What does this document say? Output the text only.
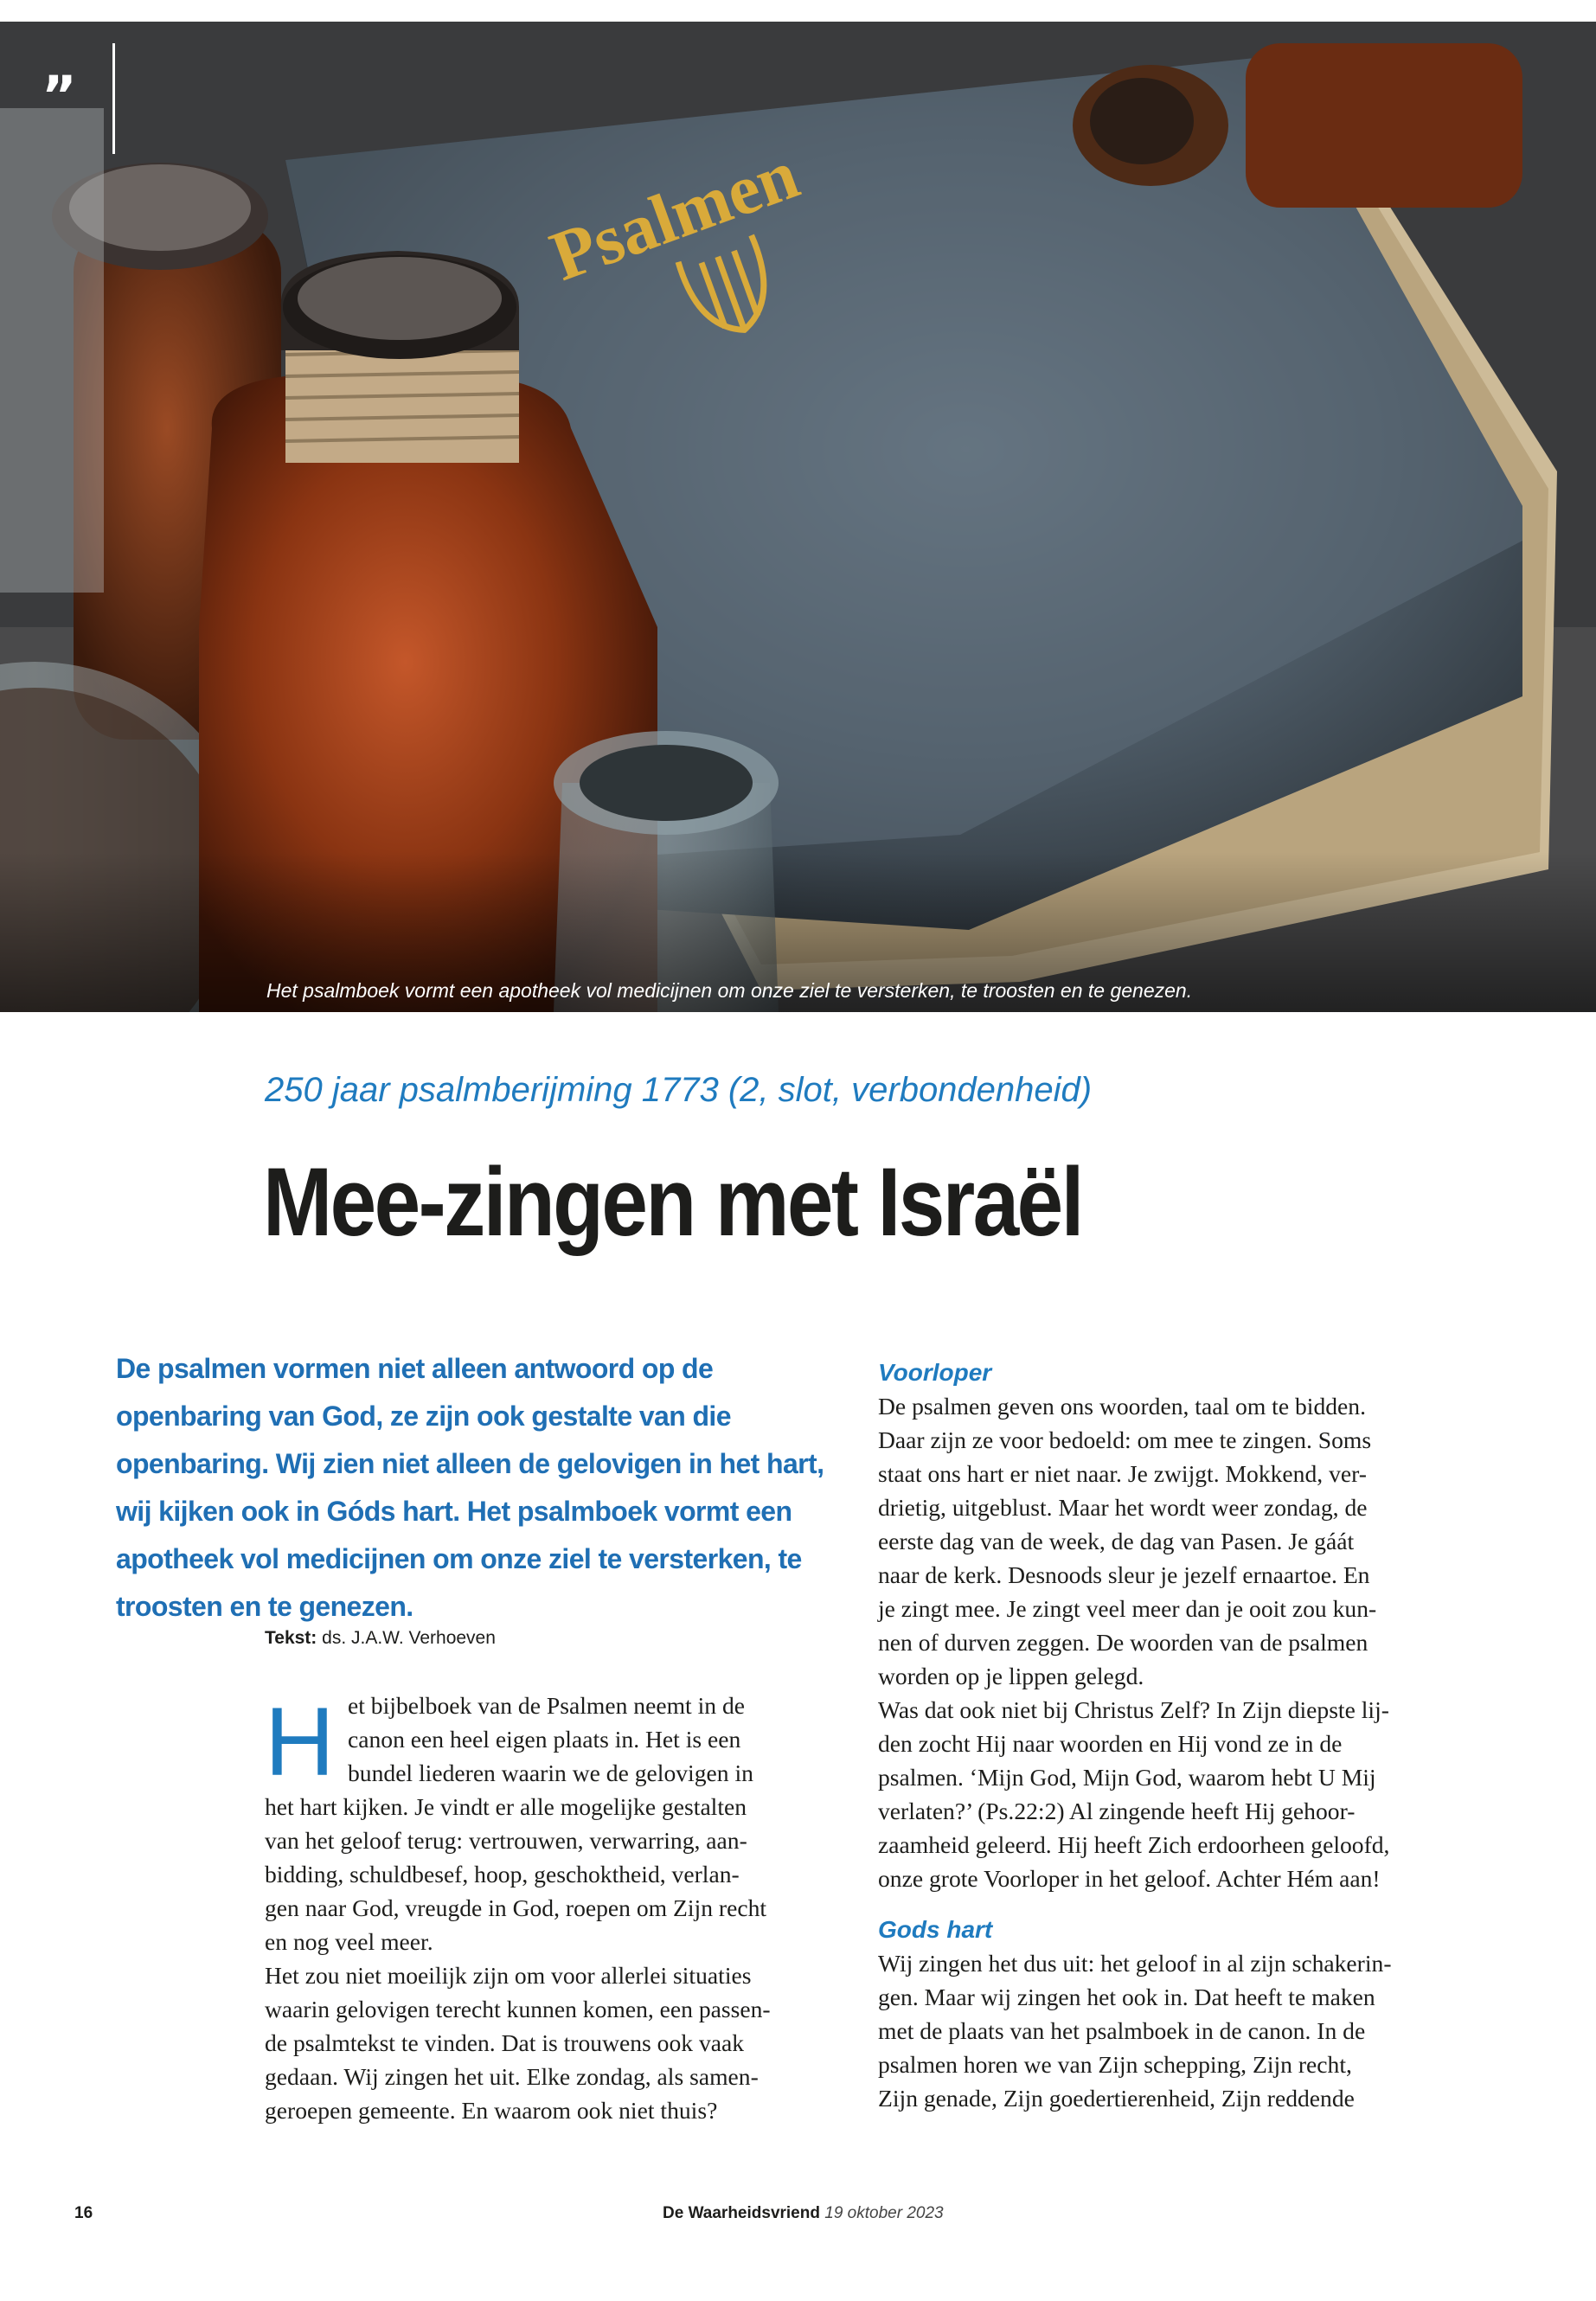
Psalmen
”
Het psalmboek vormt een apotheek vol medicijnen om onze ziel te versterken, te troosten en te genezen.
250 jaar psalmberijming 1773 (2, slot, verbondenheid)
Mee-zingen met Israël
De psalmen vormen niet alleen antwoord op de openbaring van God, ze zijn ook gestalte van die openbaring. Wij zien niet alleen de gelovigen in het hart, wij kijken ook in Góds hart. Het psalmboek vormt een apotheek vol medicijnen om onze ziel te versterken, te troosten en te genezen.
Tekst: ds. J.A.W. Verhoeven
H et bijbelboek van de Psalmen neemt in de
canon een heel eigen plaats in. Het is een
bundel liederen waarin we de gelovigen in
het hart kijken. Je vindt er alle mogelijke gestalten
van het geloof terug: vertrouwen, verwarring, aan-
bidding, schuldbesef, hoop, geschoktheid, verlan-
gen naar God, vreugde in God, roepen om Zijn recht
en nog veel meer.
Het zou niet moeilijk zijn om voor allerlei situaties
waarin gelovigen terecht kunnen komen, een passen-
de psalmtekst te vinden. Dat is trouwens ook vaak
gedaan. Wij zingen het uit. Elke zondag, als samen-
geroepen gemeente. En waarom ook niet thuis?
Voorloper
De psalmen geven ons woorden, taal om te bidden.
Daar zijn ze voor bedoeld: om mee te zingen. Soms
staat ons hart er niet naar. Je zwijgt. Mokkend, ver-
drietig, uitgeblust. Maar het wordt weer zondag, de
eerste dag van de week, de dag van Pasen. Je gáát
naar de kerk. Desnoods sleur je jezelf ernaartoe. En
je zingt mee. Je zingt veel meer dan je ooit zou kun-
nen of durven zeggen. De woorden van de psalmen
worden op je lippen gelegd.
Was dat ook niet bij Christus Zelf? In Zijn diepste lij-
den zocht Hij naar woorden en Hij vond ze in de
psalmen. ‘Mijn God, Mijn God, waarom hebt U Mij
verlaten?’ (Ps.22:2) Al zingende heeft Hij gehoor-
zaamheid geleerd. Hij heeft Zich erdoorheen geloofd,
onze grote Voorloper in het geloof. Achter Hém aan!
Gods hart
Wij zingen het dus uit: het geloof in al zijn schakerin-
gen. Maar wij zingen het ook in. Dat heeft te maken
met de plaats van het psalmboek in de canon. In de
psalmen horen we van Zijn schepping, Zijn recht,
Zijn genade, Zijn goedertierenheid, Zijn reddende
16	De Waarheidsvriend 19 oktober 2023
